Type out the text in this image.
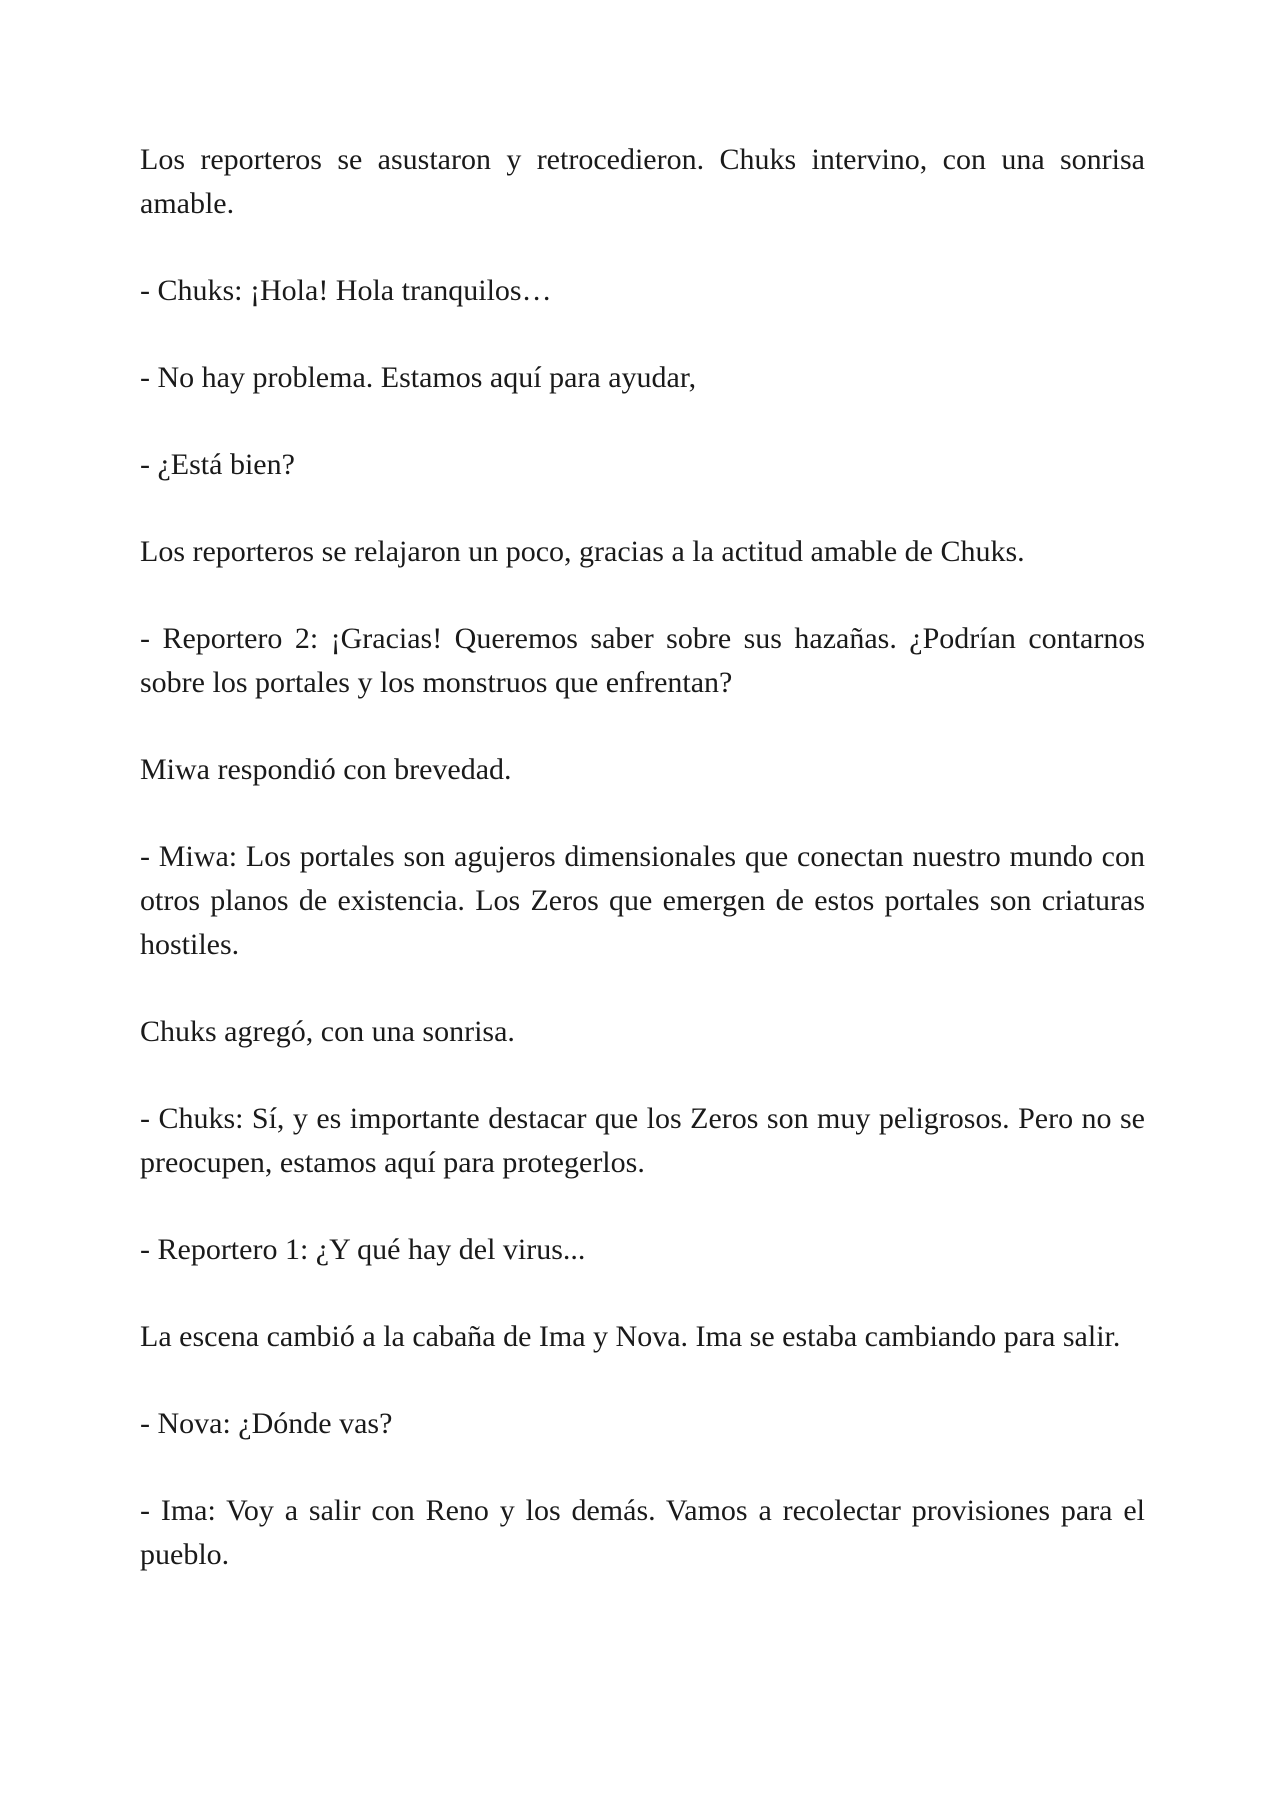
Los reporteros se asustaron y retrocedieron. Chuks intervino, con una sonrisa amable.

- Chuks: ¡Hola! Hola tranquilos…

- No hay problema. Estamos aquí para ayudar,

- ¿Está bien?

Los reporteros se relajaron un poco, gracias a la actitud amable de Chuks.

- Reportero 2: ¡Gracias! Queremos saber sobre sus hazañas. ¿Podrían contarnos sobre los portales y los monstruos que enfrentan?

Miwa respondió con brevedad.

- Miwa: Los portales son agujeros dimensionales que conectan nuestro mundo con otros planos de existencia. Los Zeros que emergen de estos portales son criaturas hostiles.

Chuks agregó, con una sonrisa.

- Chuks: Sí, y es importante destacar que los Zeros son muy peligrosos. Pero no se preocupen, estamos aquí para protegerlos.

- Reportero 1: ¿Y qué hay del virus...

La escena cambió a la cabaña de Ima y Nova. Ima se estaba cambiando para salir.

- Nova: ¿Dónde vas?

- Ima: Voy a salir con Reno y los demás. Vamos a recolectar provisiones para el pueblo.
